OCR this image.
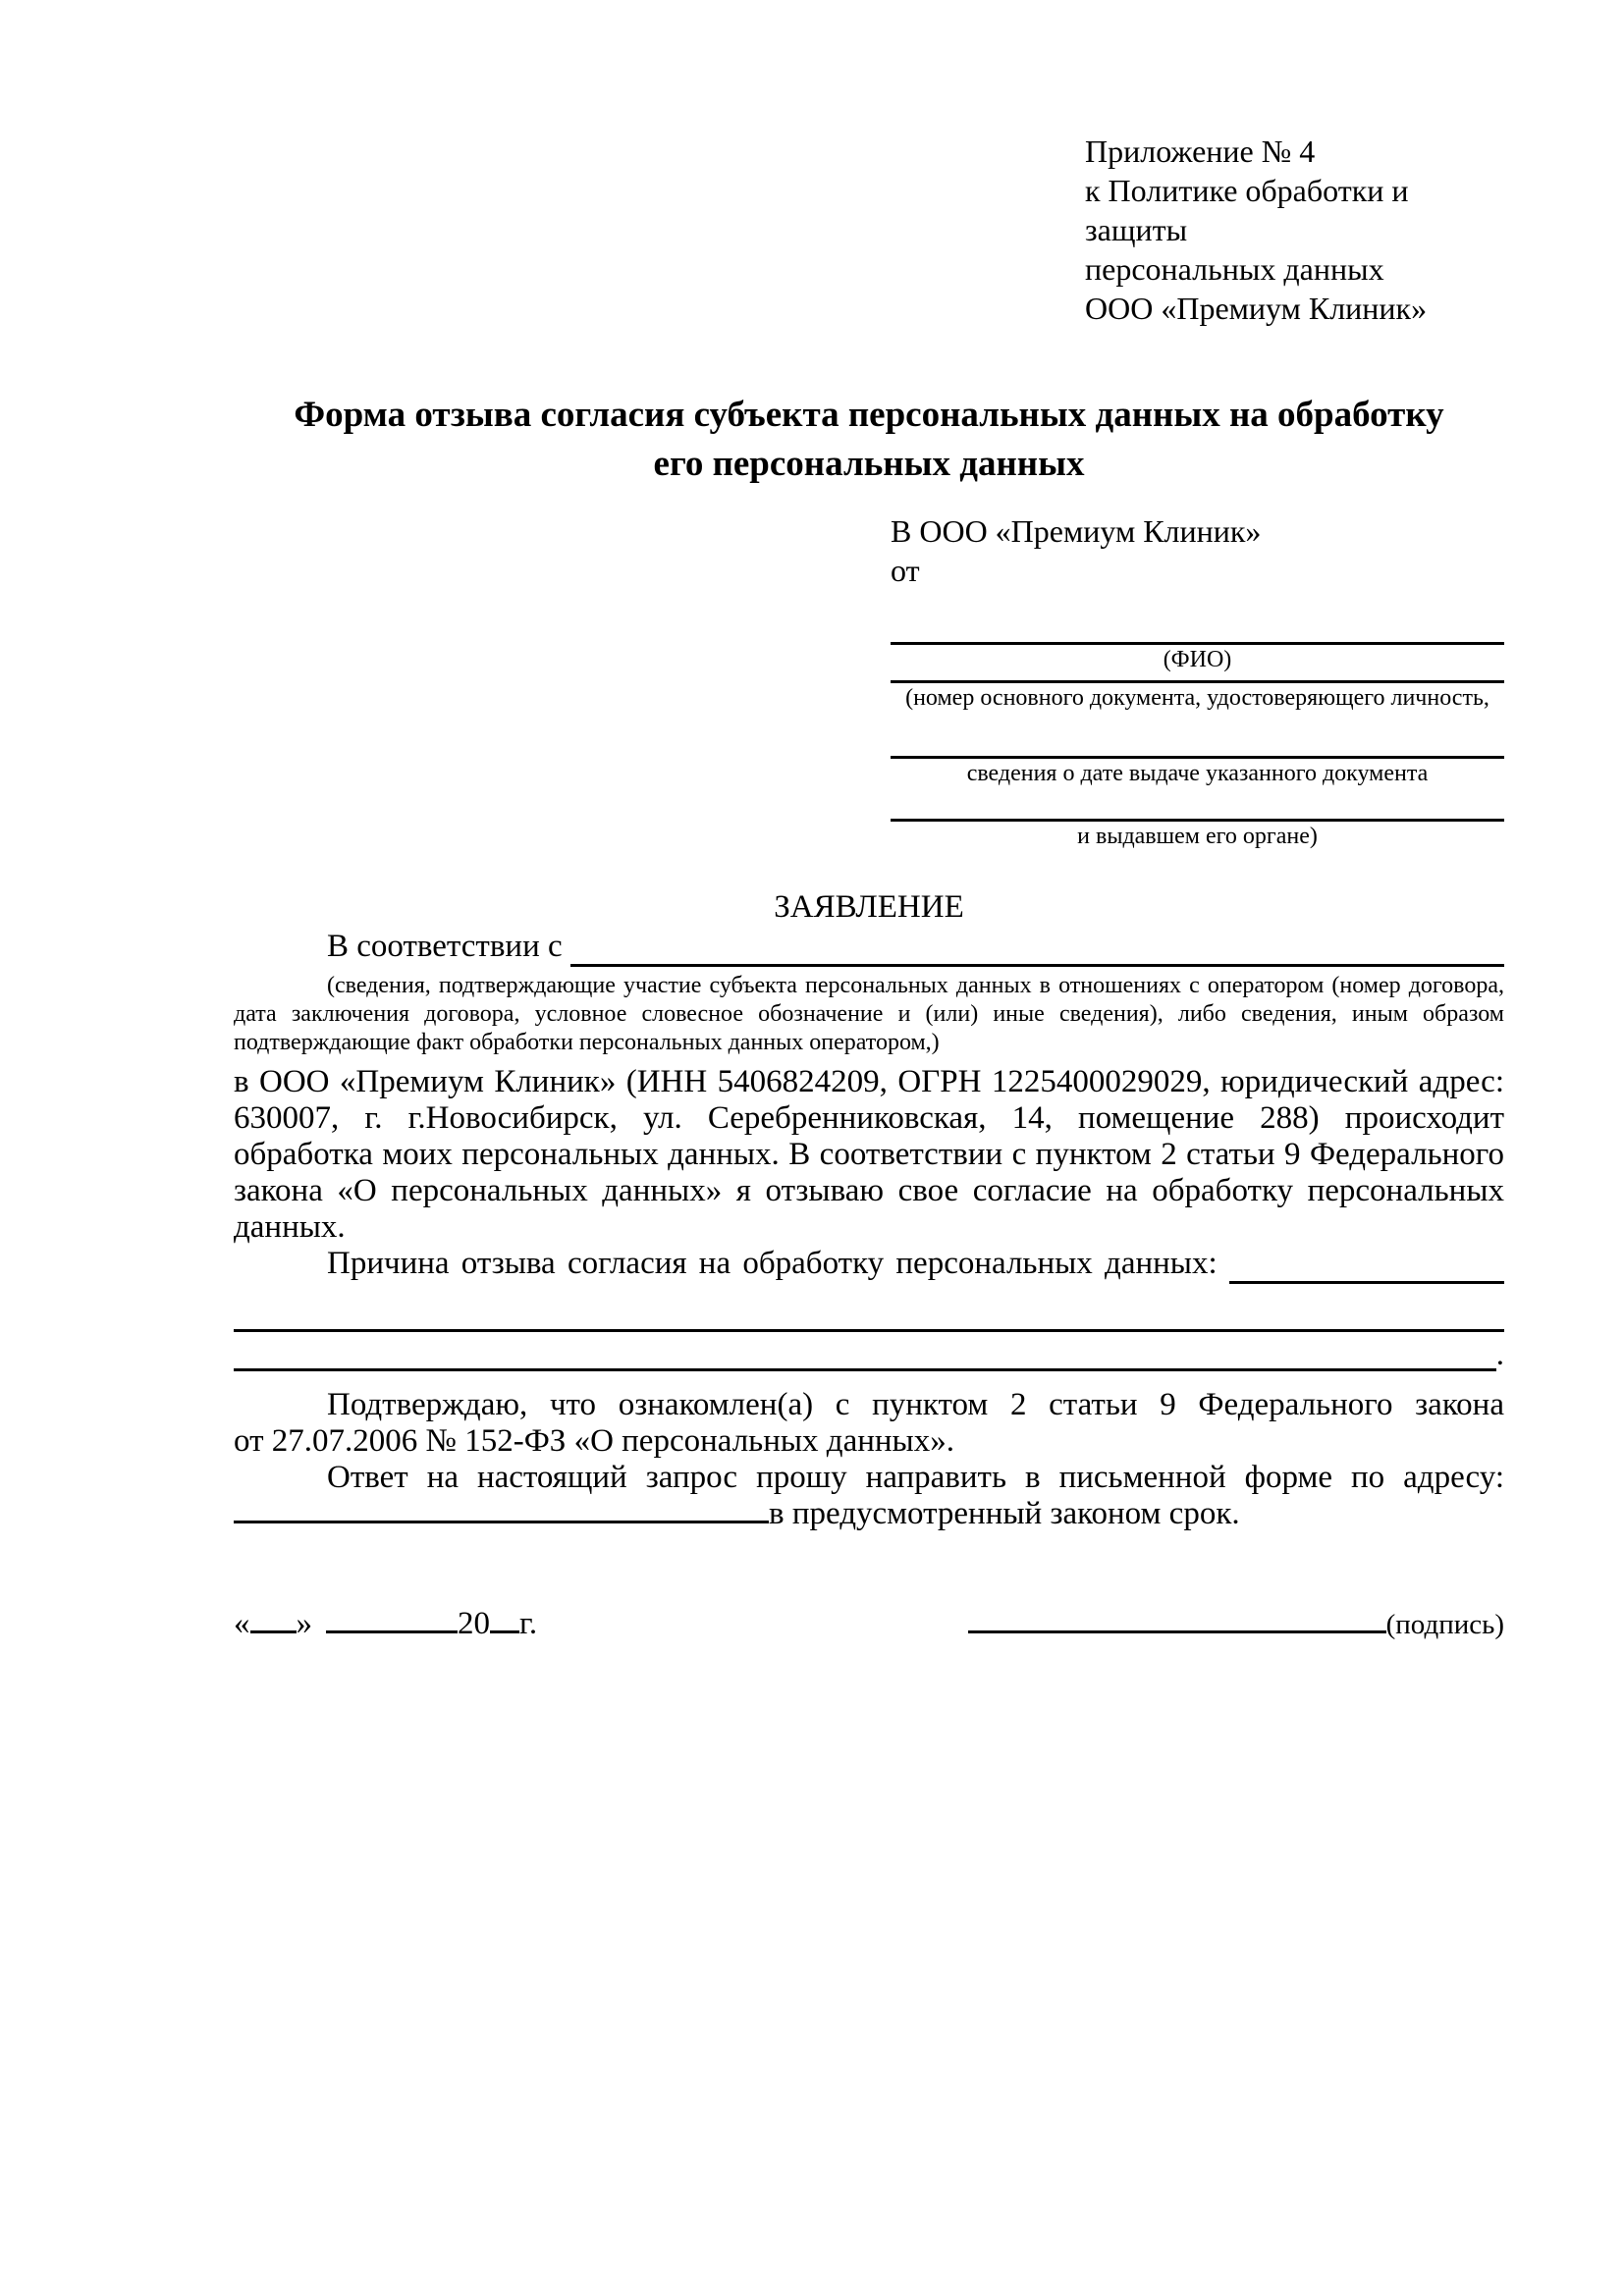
Приложение № 4
к Политике обработки и защиты
персональных данных
ООО «Премиум Клиник»
Форма отзыва согласия субъекта персональных данных на обработку
его персональных данных
В ООО «Премиум Клиник»
от
(ФИО)
(номер основного документа, удостоверяющего личность,
сведения о дате выдаче указанного документа
и выдавшем его органе)
ЗАЯВЛЕНИЕ
В соответствии с

(сведения, подтверждающие участие субъекта персональных данных в отношениях с оператором (номер договора, дата заключения договора, условное словесное обозначение и (или) иные сведения), либо сведения, иным образом подтверждающие факт обработки персональных данных оператором,)
в ООО «Премиум Клиник» (ИНН 5406824209, ОГРН 1225400029029, юридический адрес: 630007, г. г.Новосибирск, ул. Серебренниковская, 14, помещение 288) происходит обработка моих персональных данных. В соответствии с пунктом 2 статьи 9 Федерального закона «О персональных данных» я отзываю свое согласие на обработку персональных данных.
Причина отзыва согласия на обработку персональных данных:

.
Подтверждаю, что ознакомлен(а) с пунктом 2 статьи 9 Федерального закона
от 27.07.2006 № 152-ФЗ «О персональных данных».
Ответ на настоящий запрос прошу направить в письменной форме по адресу:
в предусмотренный законом срок.
« »	20 г.	(подпись)
